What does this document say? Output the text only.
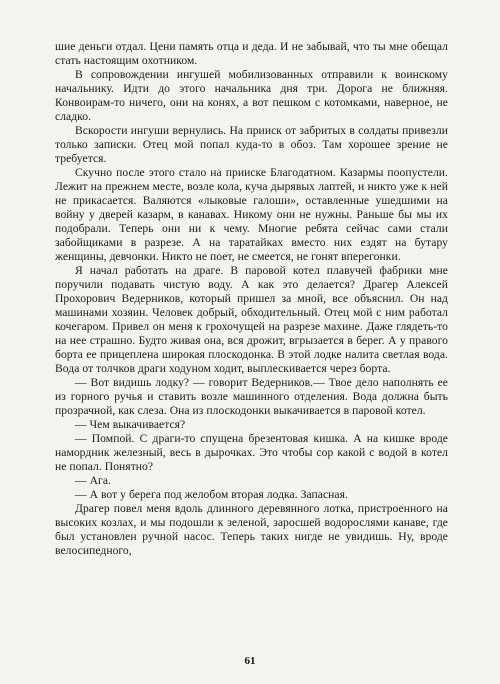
шие деньги отдал. Цени память отца и деда. И не забывай, что ты мне обещал стать настоящим охотником.

В сопровождении ингушей мобилизованных отправили к воинскому начальнику. Идти до этого начальника дня три. Дорога не ближняя. Конвоирам-то ничего, они на конях, а вот пешком с котомками, наверное, не сладко.

Вскорости ингуши вернулись. На прииск от забритых в солдаты привезли только записки. Отец мой попал куда-то в обоз. Там хорошее зрение не требуется.

Скучно после этого стало на прииске Благодатном. Казармы поопустели. Лежит на прежнем месте, возле кола, куча дырявых лаптей, и никто уже к ней не прикасается. Валяются «лыковые галоши», оставленные ушедшими на войну у дверей казарм, в канавах. Никому они не нужны. Раньше бы мы их подобрали. Теперь они ни к чему. Многие ребята сейчас сами стали забойщиками в разрезе. А на таратайках вместо них ездят на бутару женщины, девчонки. Никто не поет, не смеется, не гонят вперегонки.

Я начал работать на драге. В паровой котел плавучей фабрики мне поручили подавать чистую воду. А как это делается? Драгер Алексей Прохорович Ведерников, который пришел за мной, все объяснил. Он над машинами хозяин. Человек добрый, обходительный. Отец мой с ним работал кочегаром. Привел он меня к грохочущей на разрезе махине. Даже глядеть-то на нее страшно. Будто живая она, вся дрожит, вгрызается в берег. А у правого борта ее прицеплена широкая плоскодонка. В этой лодке налита светлая вода. Вода от толчков драги ходуном ходит, выплескивается через борта.

— Вот видишь лодку? — говорит Ведерников.— Твое дело наполнять ее из горного ручья и ставить возле машинного отделения. Вода должна быть прозрачной, как слеза. Она из плоскодонки выкачивается в паровой котел.

— Чем выкачивается?

— Помпой. С драги-то спущена брезентовая кишка. А на кишке вроде намордник железный, весь в дырочках. Это чтобы сор какой с водой в котел не попал. Понятно?

— Ага.

— А вот у берега под желобом вторая лодка. Запасная.

Драгер повел меня вдоль длинного деревянного лотка, пристроенного на высоких козлах, и мы подошли к зеленой, заросшей водорослями канаве, где был установлен ручной насос. Теперь таких нигде не увидишь. Ну, вроде велосипедного,

61
